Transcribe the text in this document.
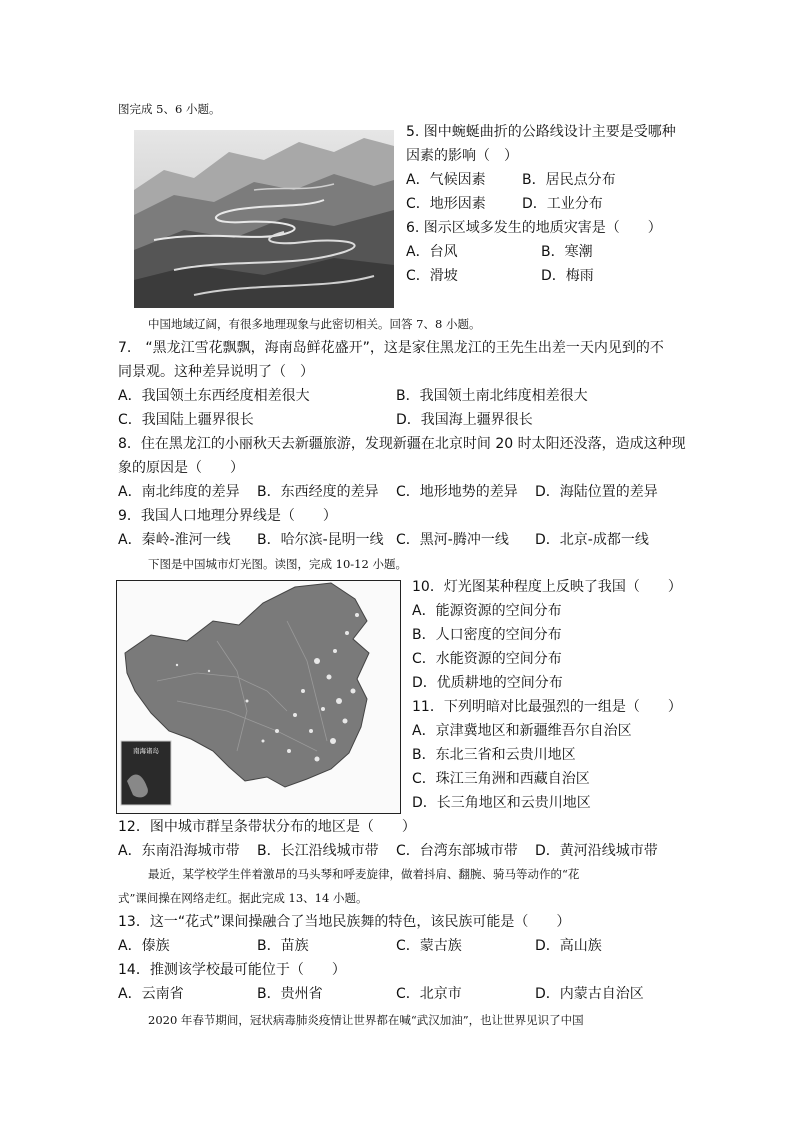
图完成 5、6 小题。
5. 图中蜿蜒曲折的公路线设计主要是受哪种
因素的影响（　）
A．气候因素	B．居民点分布
C．地形因素	D．工业分布
6. 图示区域多发生的地质灾害是（　　）
A．台风	B．寒潮
C．滑坡	D．梅雨
中国地域辽阔，有很多地理现象与此密切相关。回答 7、8 小题。
7.　“黑龙江雪花飘飘，海南岛鲜花盛开”，这是家住黑龙江的王先生出差一天内见到的不
同景观。这种差异说明了（　）
A．我国领土东西经度相差很大	B．我国领土南北纬度相差很大
C．我国陆上疆界很长	D．我国海上疆界很长
8．住在黑龙江的小丽秋天去新疆旅游，发现新疆在北京时间 20 时太阳还没落，造成这种现
象的原因是（　　）
A．南北纬度的差异 B．东西经度的差异 C．地形地势的差异 D．海陆位置的差异
9．我国人口地理分界线是（　　）
A．秦岭-淮河一线 B．哈尔滨-昆明一线 C．黑河-腾冲一线 D．北京-成都一线
下图是中国城市灯光图。读图，完成 10-12 小题。
南海诸岛
10．灯光图某种程度上反映了我国（　　）
A．能源资源的空间分布
B．人口密度的空间分布
C．水能资源的空间分布
D．优质耕地的空间分布
11．下列明暗对比最强烈的一组是（　　）
A．京津冀地区和新疆维吾尔自治区
B．东北三省和云贵川地区
C．珠江三角洲和西藏自治区
D．长三角地区和云贵川地区
12．图中城市群呈条带状分布的地区是（　　）
A．东南沿海城市带 B．长江沿线城市带 C．台湾东部城市带 D．黄河沿线城市带
最近，某学校学生伴着激昂的马头琴和呼麦旋律，做着抖肩、翻腕、骑马等动作的“花
式”课间操在网络走红。据此完成 13、14 小题。
13．这一“花式”课间操融合了当地民族舞的特色，该民族可能是（　　）
A．傣族	B．苗族	C．蒙古族	D．高山族
14．推测该学校最可能位于（　　）
A．云南省	B．贵州省	C．北京市	D．内蒙古自治区
2020 年春节期间，冠状病毒肺炎疫情让世界都在喊“武汉加油”，也让世界见识了中国
